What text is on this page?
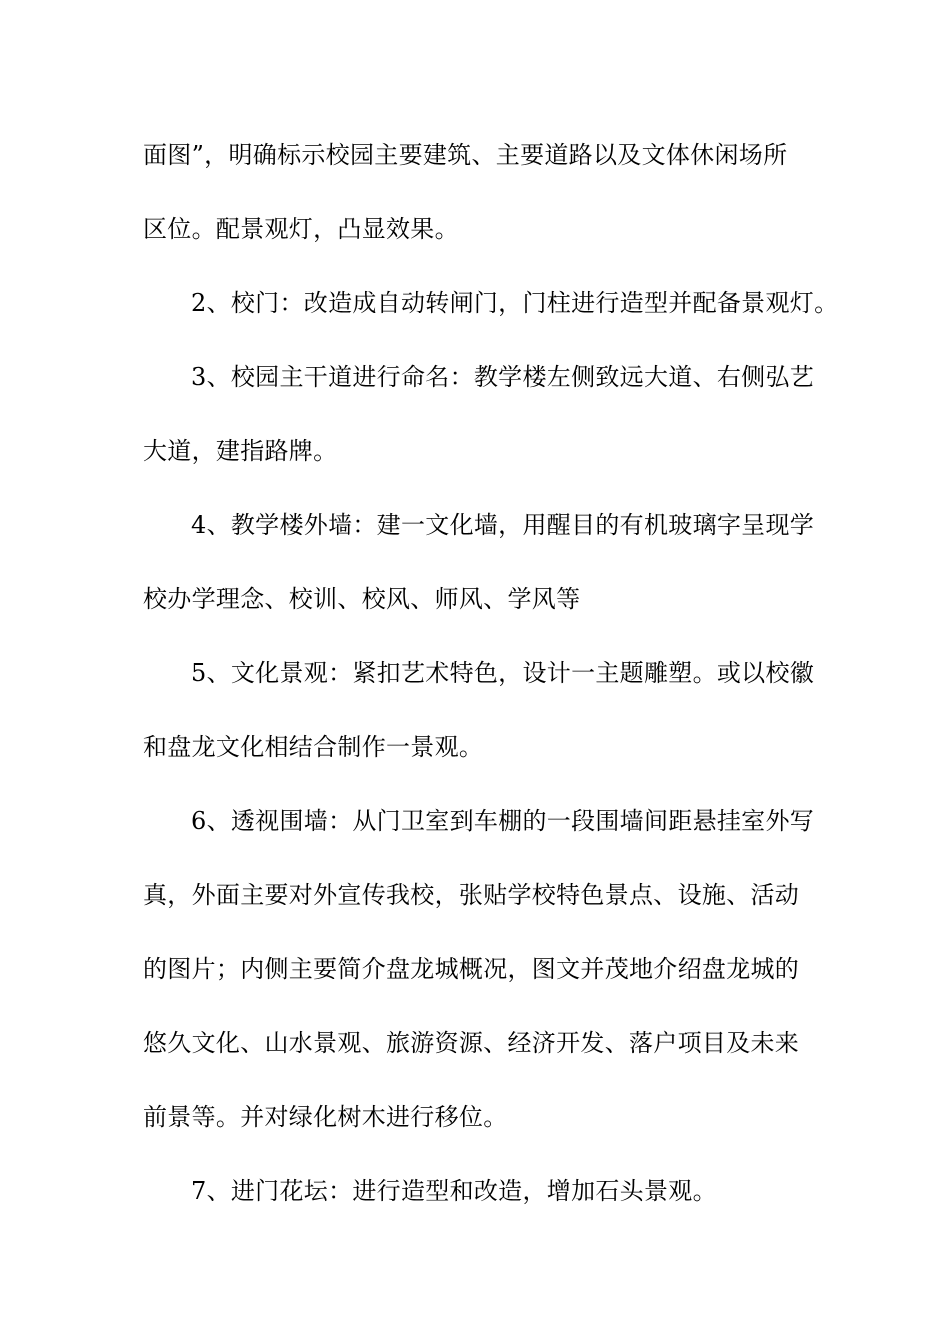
面图”，明确标示校园主要建筑、主要道路以及文体休闲场所
区位。配景观灯，凸显效果。
2、校门：改造成自动转闸门，门柱进行造型并配备景观灯。
3、校园主干道进行命名：教学楼左侧致远大道、右侧弘艺
大道，建指路牌。
4、教学楼外墙：建一文化墙，用醒目的有机玻璃字呈现学
校办学理念、校训、校风、师风、学风等
5、文化景观：紧扣艺术特色，设计一主题雕塑。或以校徽
和盘龙文化相结合制作一景观。
6、透视围墙：从门卫室到车棚的一段围墙间距悬挂室外写
真，外面主要对外宣传我校，张贴学校特色景点、设施、活动
的图片；内侧主要简介盘龙城概况，图文并茂地介绍盘龙城的
悠久文化、山水景观、旅游资源、经济开发、落户项目及未来
前景等。并对绿化树木进行移位。
7、进门花坛：进行造型和改造，增加石头景观。
